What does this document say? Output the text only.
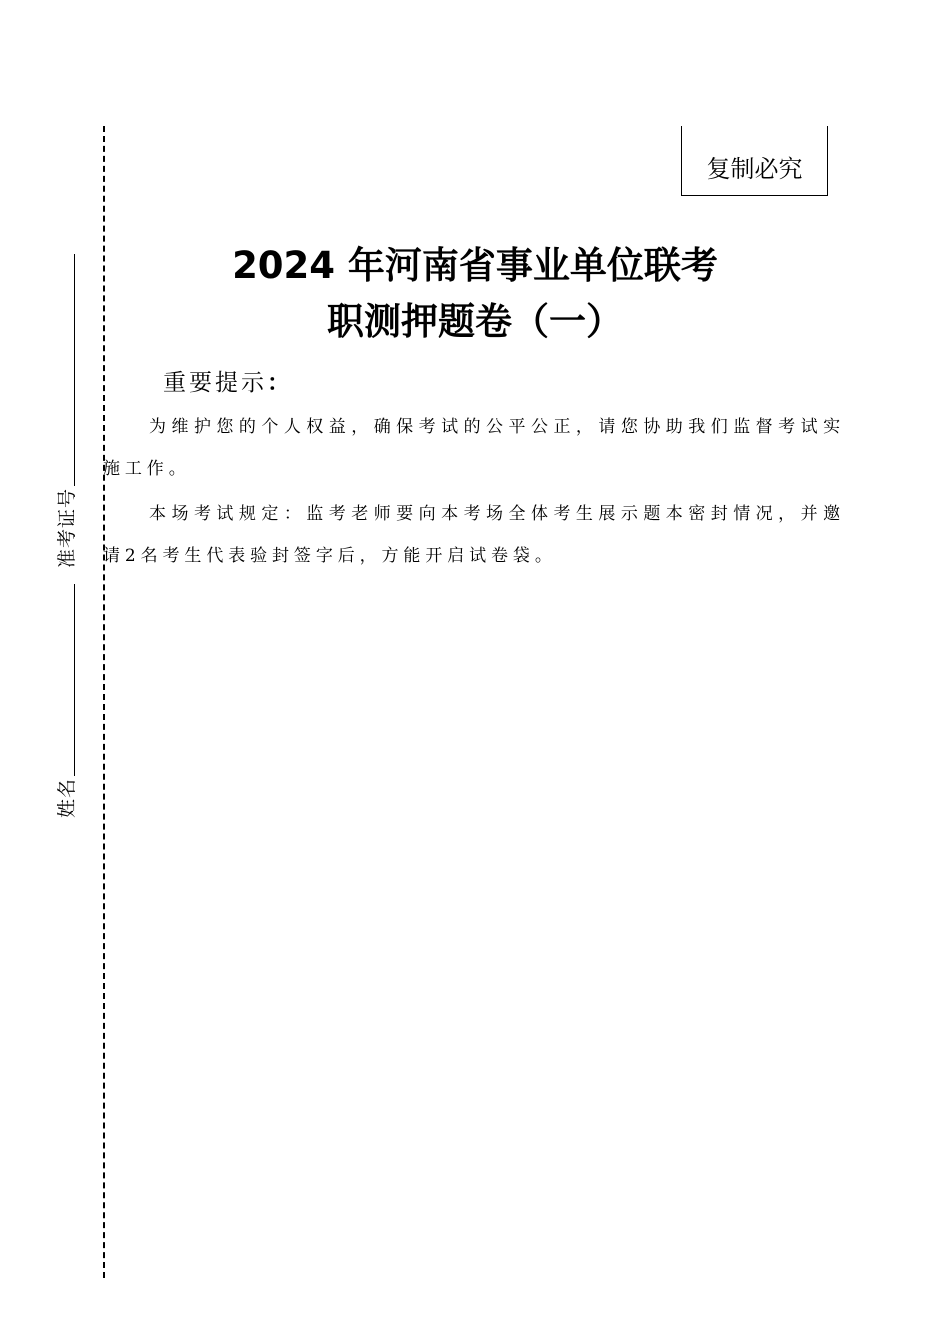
准考证号
姓名
复制必究
2024 年河南省事业单位联考
职测押题卷（一）
重要提示：
为维护您的个人权益，确保考试的公平公正，请您协助我们监督考试实施工作。
本场考试规定：监考老师要向本考场全体考生展示题本密封情况，并邀请2名考生代表验封签字后，方能开启试卷袋。
